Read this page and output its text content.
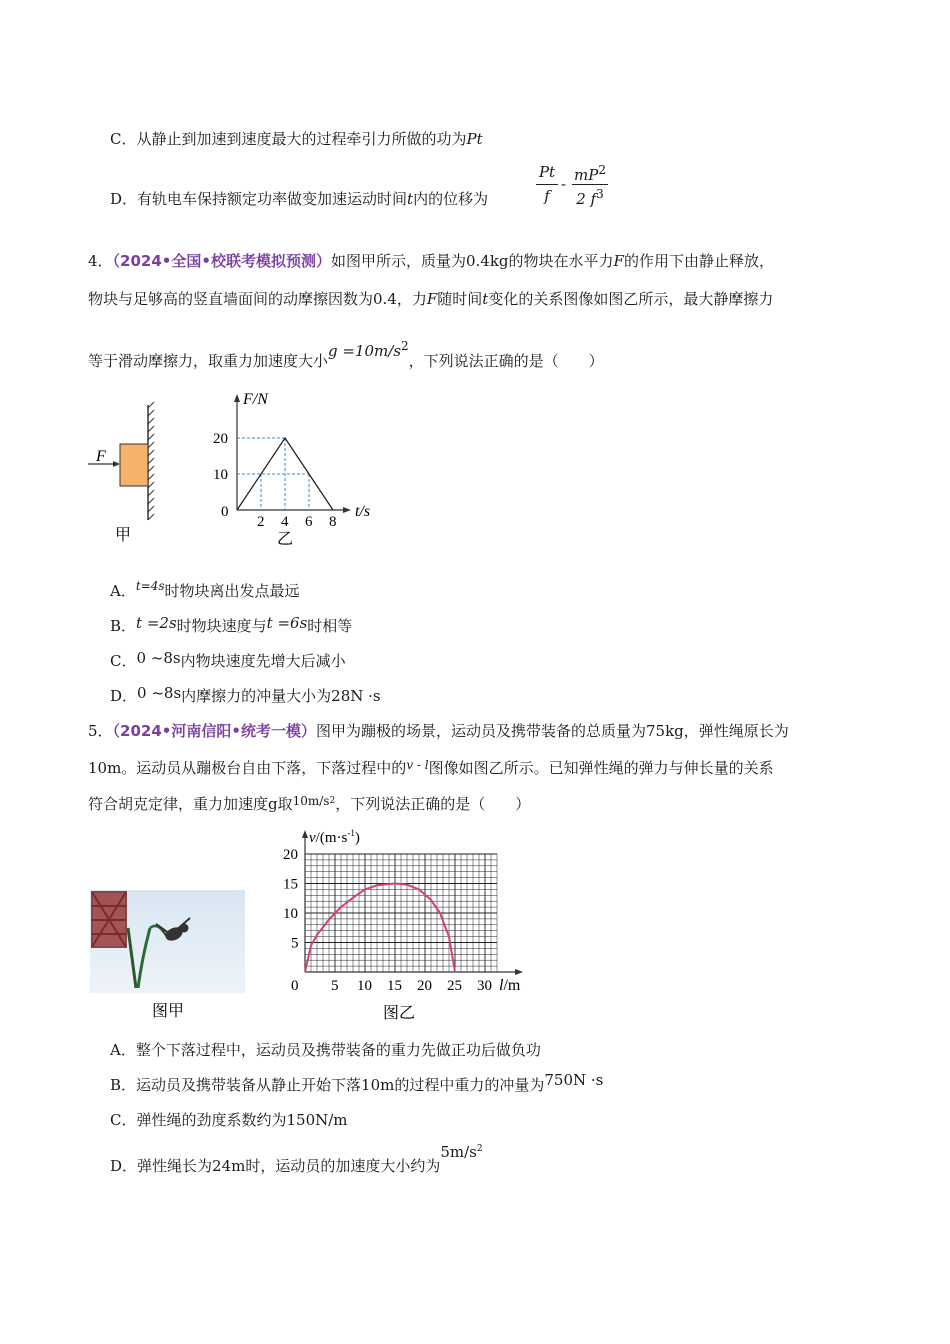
C．从静止到加速到速度最大的过程牵引力所做的功为Pt
D．有轨电车保持额定功率做变加速运动时间t内的位移为
Pt
f
- $mP^2$
2 $f^3$
4．（2024•全国•校联考模拟预测）如图甲所示，质量为0.4kg的物块在水平力F的作用下由静止释放，
物块与足够高的竖直墙面间的动摩擦因数为0.4，力F随时间t变化的关系图像如图乙所示，最大静摩擦力
等于滑动摩擦力，取重力加速度大小$g =10m/s^2$，下列说法正确的是（　　）
F
甲
F/N
t/s
0
2 4 6 8
10
20
乙
A．$^{t=4s}$时物块离出发点最远
B．t =2s时物块速度与t =6s时相等
C．0 ~8s内物块速度先增大后减小
D．0 ~8s内摩擦力的冲量大小为28N ·s
5．（2024•河南信阳•统考一模）图甲为蹦极的场景，运动员及携带装备的总质量为75kg，弹性绳原长为
10m。运动员从蹦极台自由下落，下落过程中的$^{v - l}$图像如图乙所示。已知弹性绳的弹力与伸长量的关系
符合胡克定律，重力加速度g取$^{10m/s2}$，下列说法正确的是（　　）
图甲
$v/(m\cdot s^{-1})$
l/m
0 5 10 15 20 25 30
5
10
15
20
图乙
A．整个下落过程中，运动员及携带装备的重力先做正功后做负功
B．运动员及携带装备从静止开始下落10m的过程中重力的冲量为750N ·s
C．弹性绳的劲度系数约为150N/m
D．弹性绳长为24m时，运动员的加速度大小约为$5m/s^2$
